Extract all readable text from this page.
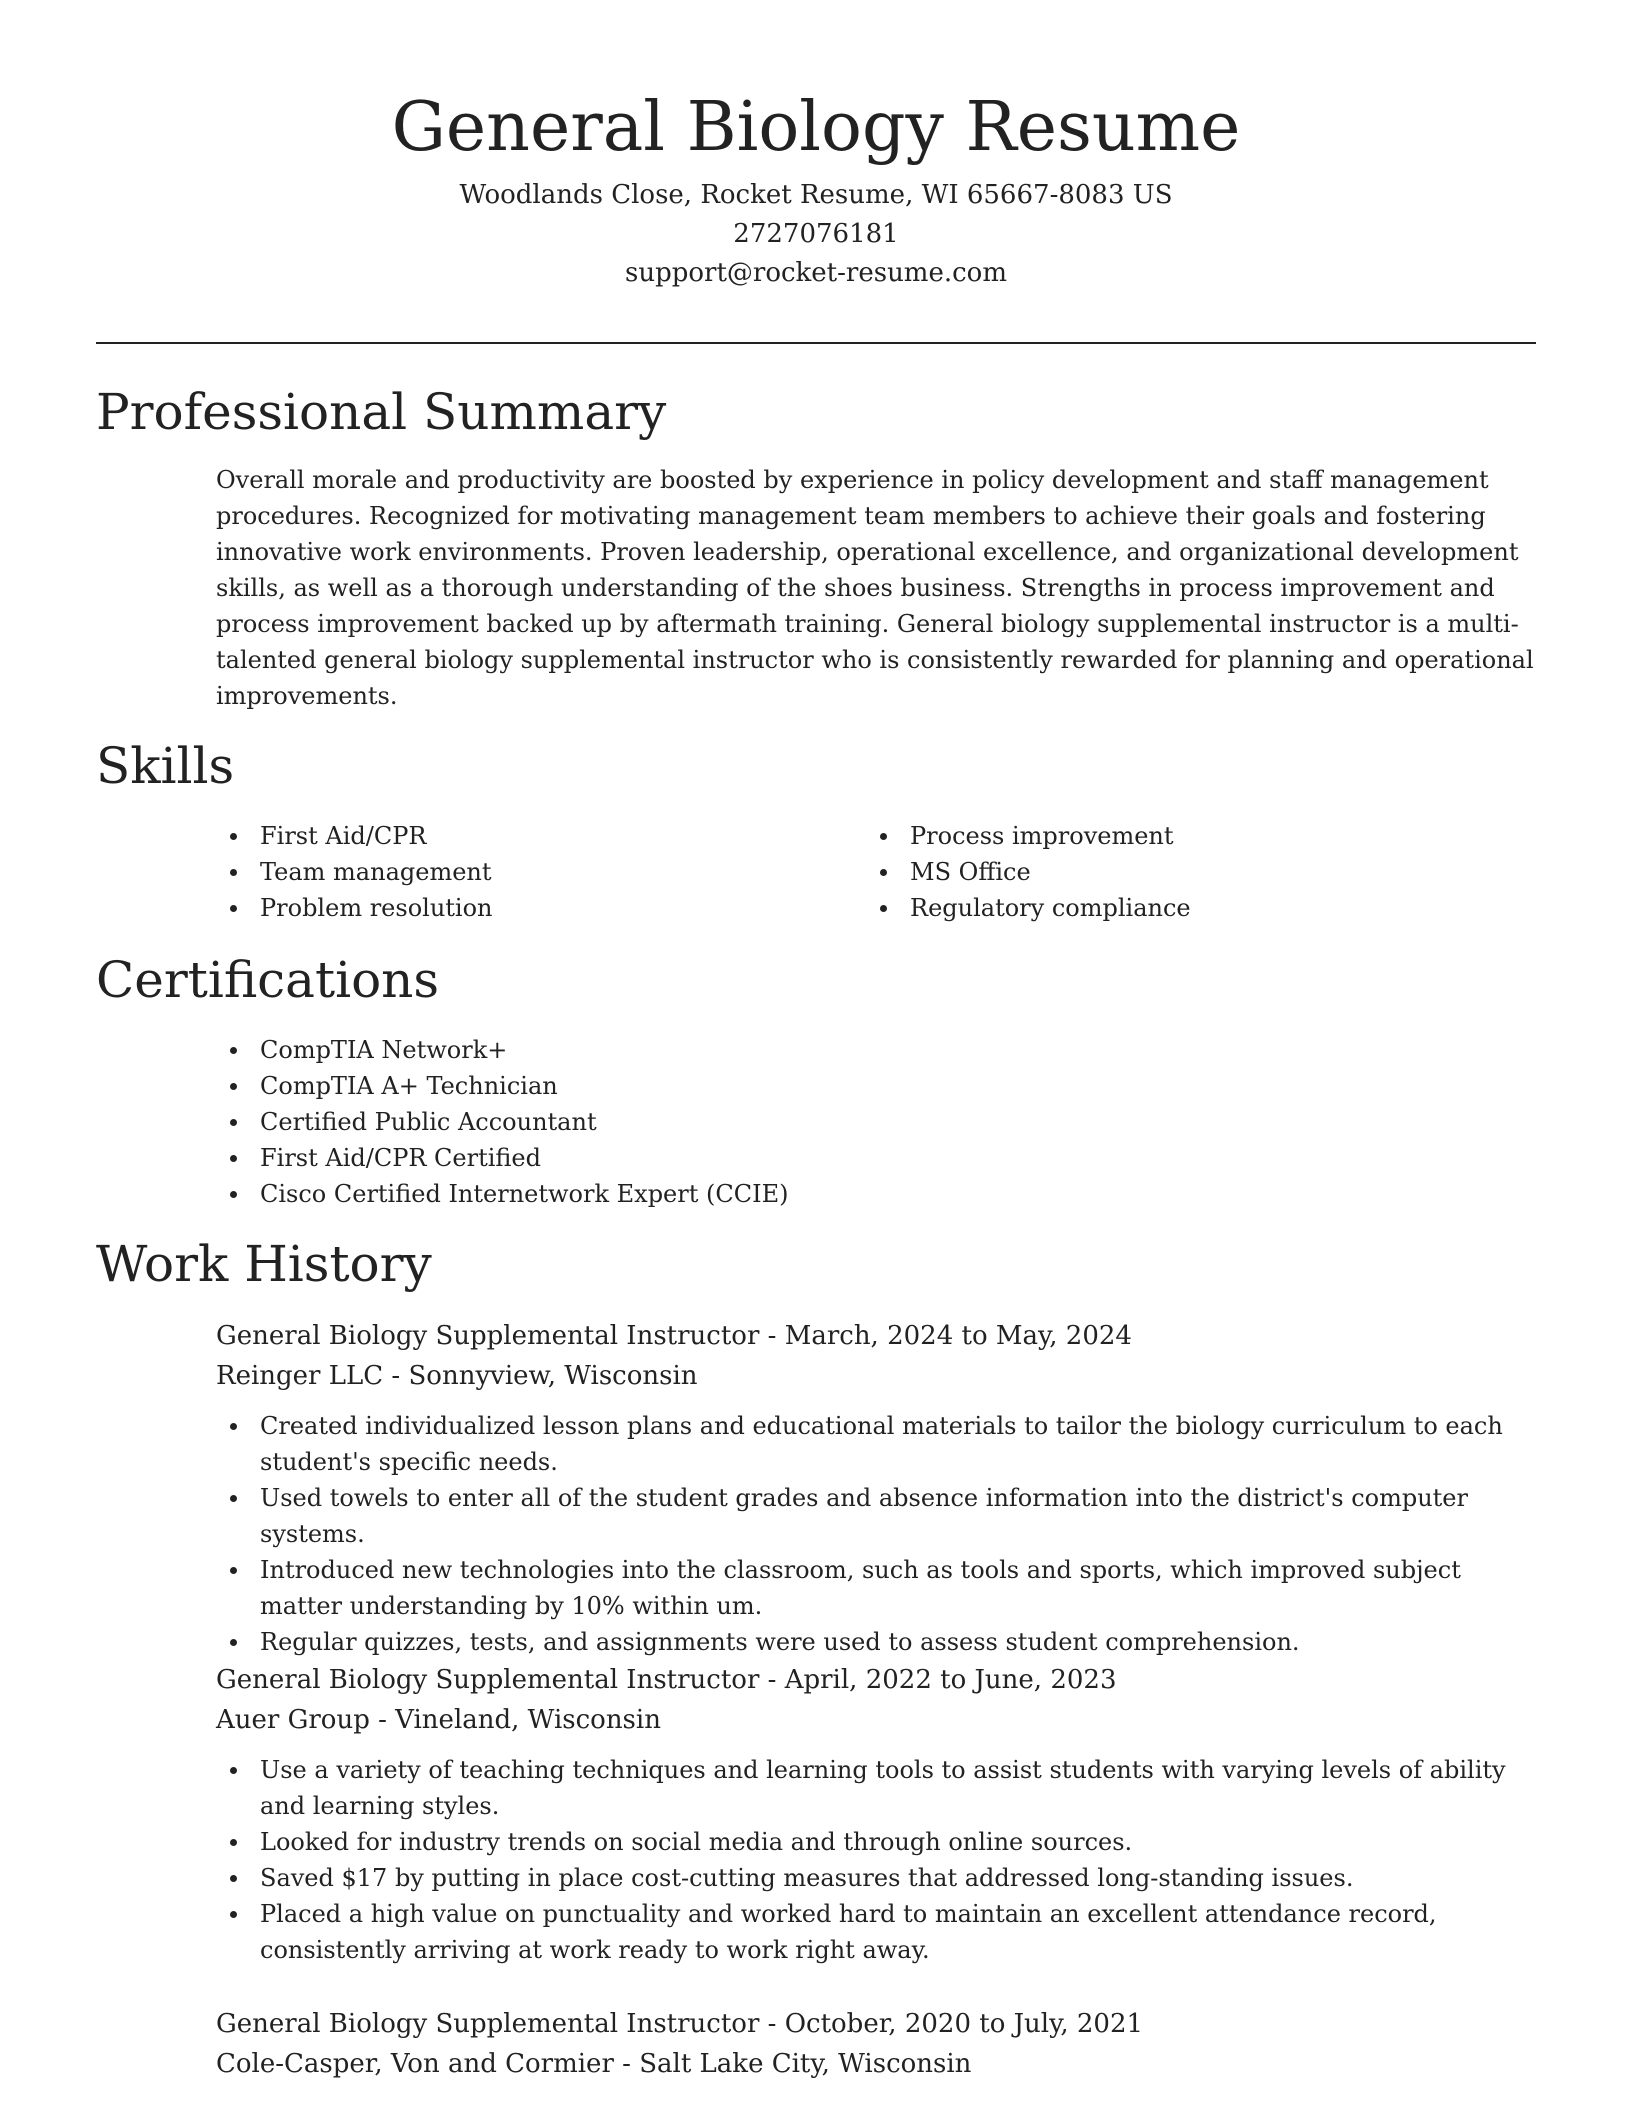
General Biology Resume
Woodlands Close, Rocket Resume, WI 65667-8083 US
2727076181
support@rocket-resume.com
Professional Summary

Overall morale and productivity are boosted by experience in policy development and staff management procedures. Recognized for motivating management team members to achieve their goals and fostering innovative work environments. Proven leadership, operational excellence, and organizational development skills, as well as a thorough understanding of the shoes business. Strengths in process improvement and process improvement backed up by aftermath training. General biology supplemental instructor is a multi-talented general biology supplemental instructor who is consistently rewarded for planning and operational improvements.

Skills
First Aid/CPR
Team management
Problem resolution
Process improvement
MS Office
Regulatory compliance
Certifications
CompTIA Network+
CompTIA A+ Technician
Certified Public Accountant
First Aid/CPR Certified
Cisco Certified Internetwork Expert (CCIE)
Work History
General Biology Supplemental Instructor - March, 2024 to May, 2024
Reinger LLC - Sonnyview, Wisconsin
Created individualized lesson plans and educational materials to tailor the biology curriculum to each student's specific needs.
Used towels to enter all of the student grades and absence information into the district's computer systems.
Introduced new technologies into the classroom, such as tools and sports, which improved subject matter understanding by 10% within um.
Regular quizzes, tests, and assignments were used to assess student comprehension.
General Biology Supplemental Instructor - April, 2022 to June, 2023
Auer Group - Vineland, Wisconsin
Use a variety of teaching techniques and learning tools to assist students with varying levels of ability and learning styles.
Looked for industry trends on social media and through online sources.
Saved $17 by putting in place cost-cutting measures that addressed long-standing issues.
Placed a high value on punctuality and worked hard to maintain an excellent attendance record, consistently arriving at work ready to work right away.
General Biology Supplemental Instructor - October, 2020 to July, 2021
Cole-Casper, Von and Cormier - Salt Lake City, Wisconsin
